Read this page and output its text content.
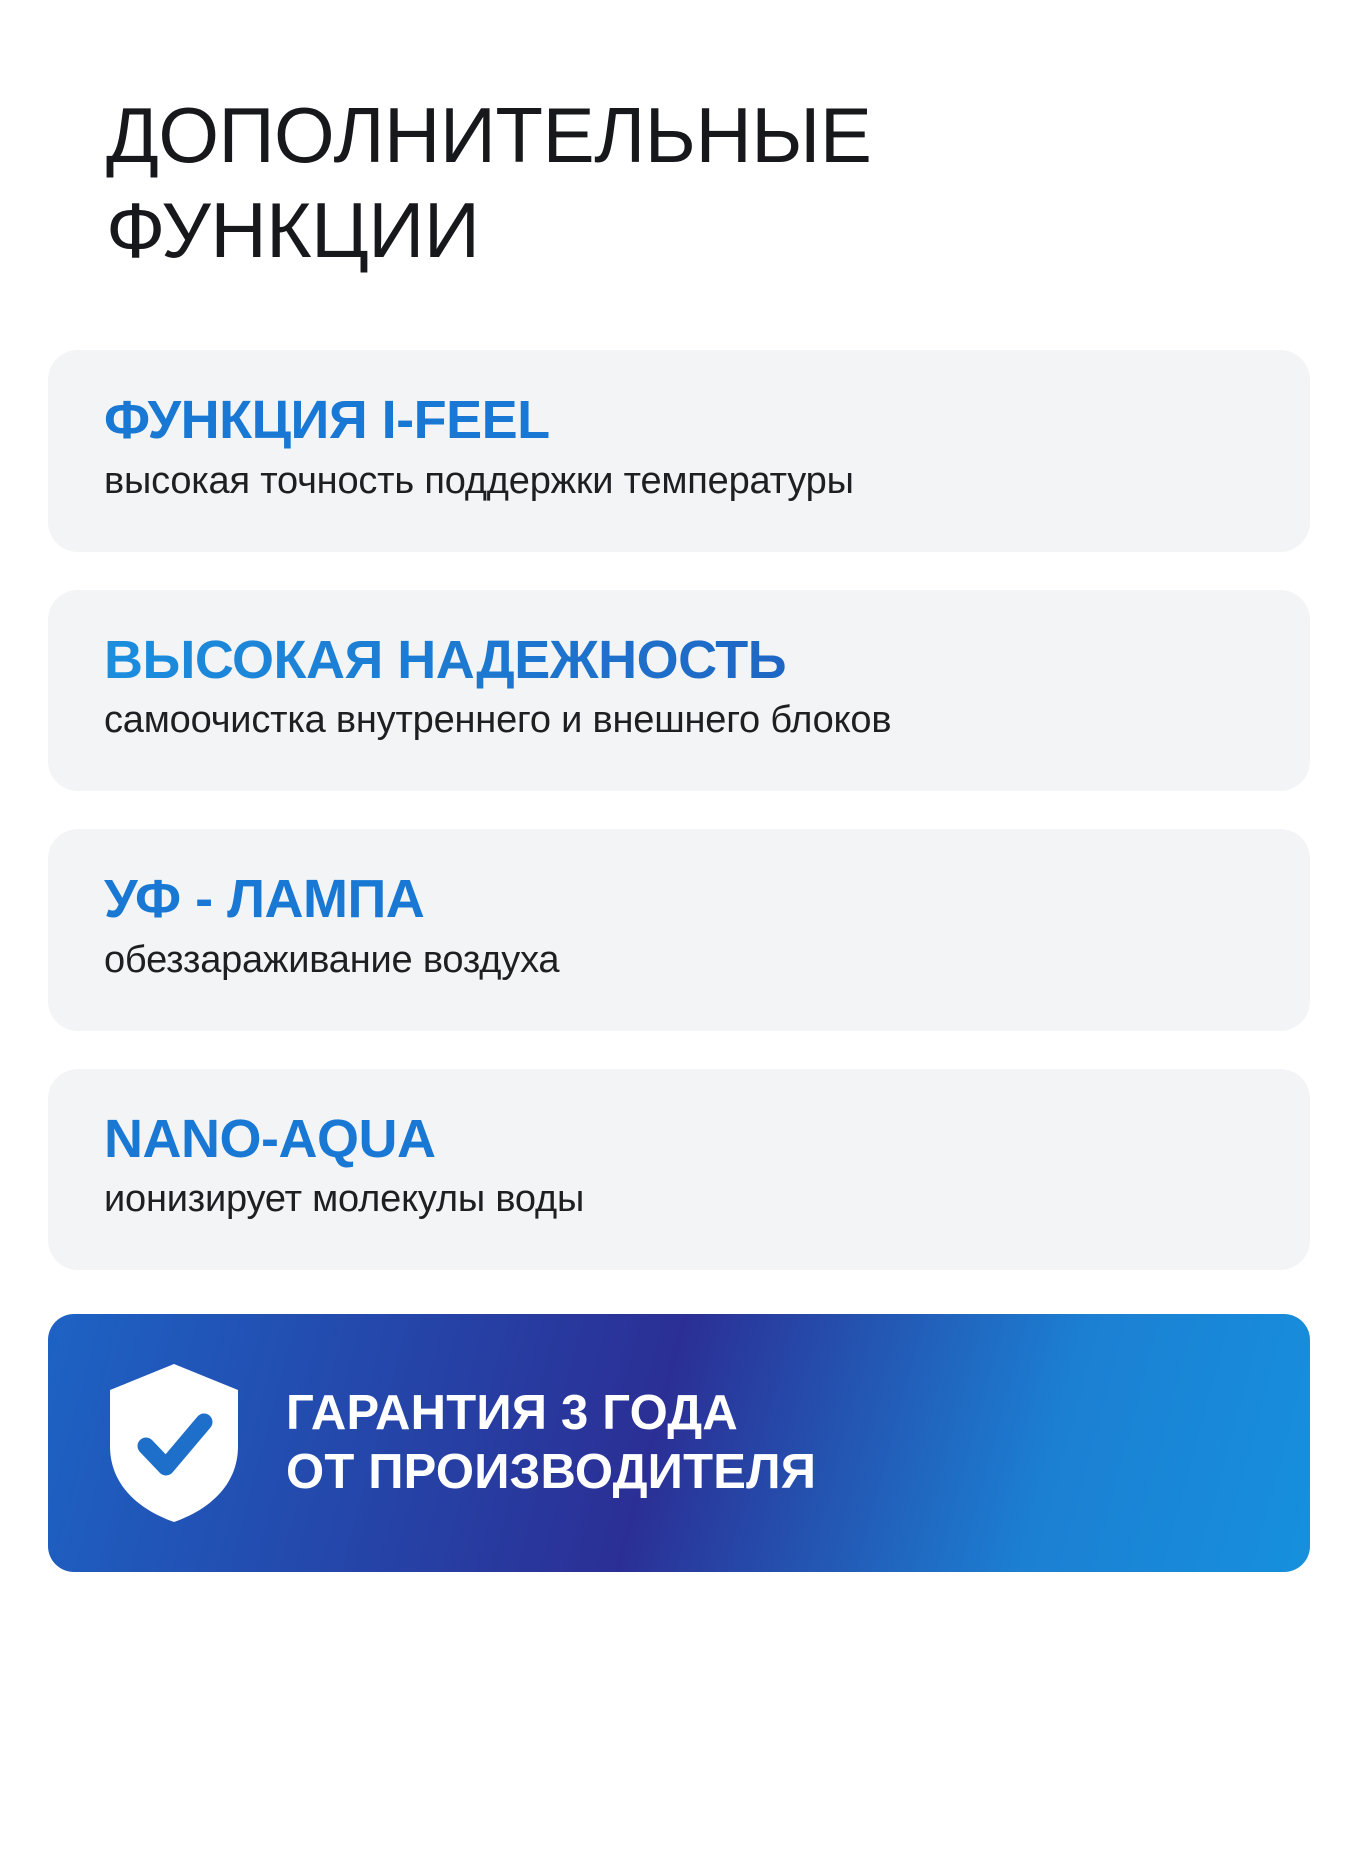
ДОПОЛНИТЕЛЬНЫЕ
ФУНКЦИИ

ФУНКЦИЯ I-FEEL

высокая точность поддержки температуры

ВЫСОКАЯ НАДЕЖНОСТЬ

самоочистка внутреннего и внешнего блоков

УФ - ЛАМПА

обеззараживание воздуха

NANO-AQUA

ионизирует молекулы воды

ГАРАНТИЯ 3 ГОДА
ОТ ПРОИЗВОДИТЕЛЯ
